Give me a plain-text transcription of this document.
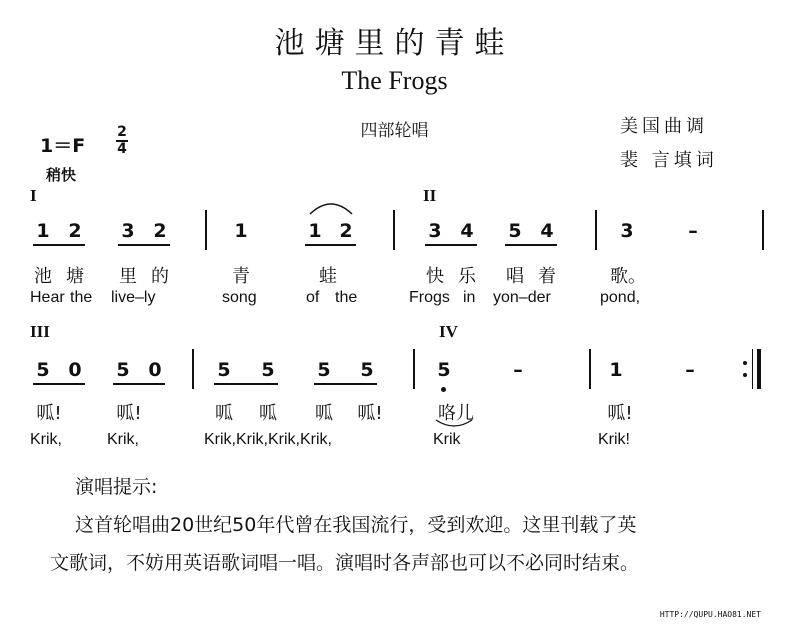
池塘里的青蛙
The Frogs
四部轮唱	美国曲调
裴 言填词
1＝F
2
4
稍快
I	II
1 2 3 2	1	1 2	3 4 5 4	3	–
池 塘	里 的	青	蛙	快 乐	唱 着	歌。
Hear the live–ly	song	of the	Frogs in yon–der	pond,
III	IV
5 0 5 0	5 5 5 5	5	1
–	–
呱!	呱!	呱	呱	呱	呱!	咯儿	呱!
Krik,	Krik,	Krik,Krik,Krik,Krik,	Krik	Krik!
演唱提示:
这首轮唱曲20世纪50年代曾在我国流行，受到欢迎。这里刊载了英
文歌词，不妨用英语歌词唱一唱。演唱时各声部也可以不必同时结束。
HTTP://QUPU.HAO81.NET
